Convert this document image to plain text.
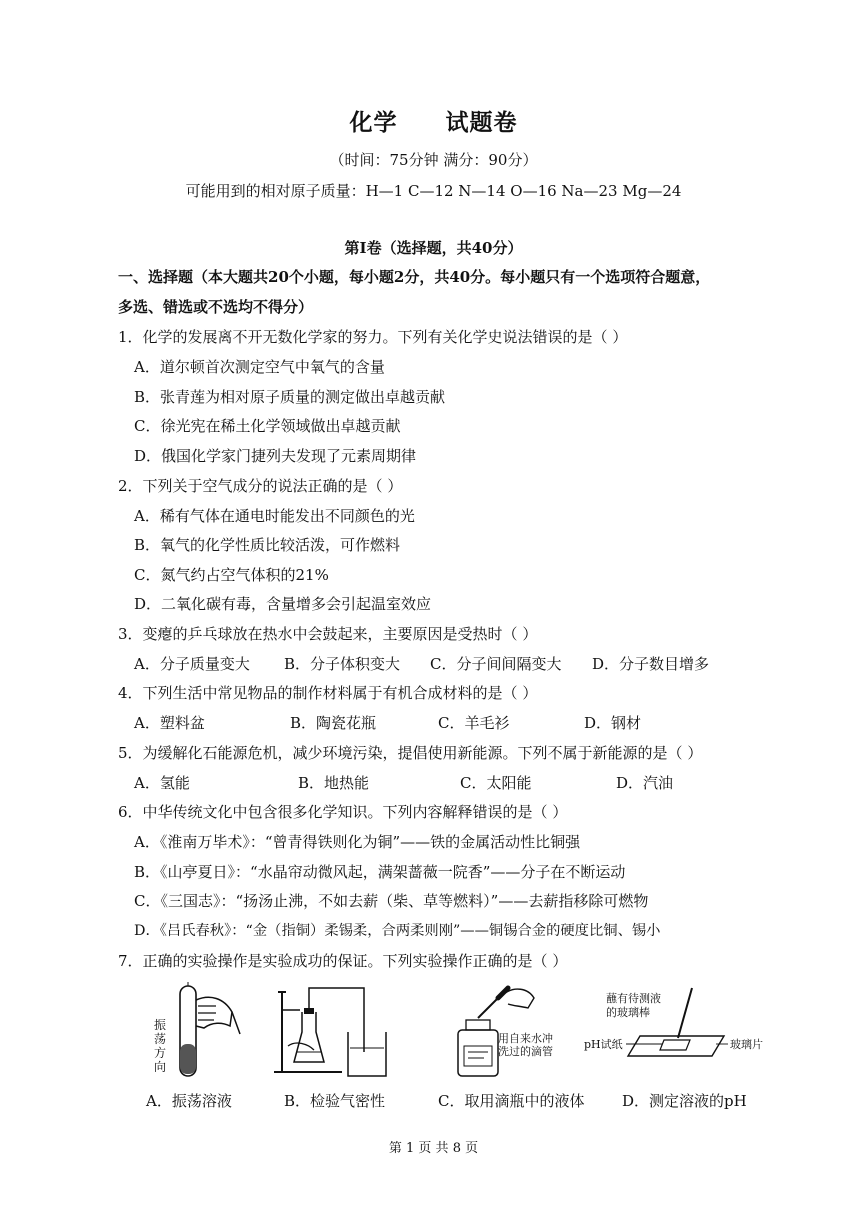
化学 试题卷
（时间：75分钟 满分：90分）
可能用到的相对原子质量：H—1 C—12 N—14 O—16 Na—23 Mg—24
第Ⅰ卷（选择题，共40分）
一、选择题（本大题共20个小题，每小题2分，共40分。每小题只有一个选项符合题意，
多选、错选或不选均不得分）
1．化学的发展离不开无数化学家的努力。下列有关化学史说法错误的是（ ）
A．道尔顿首次测定空气中氧气的含量
B．张青莲为相对原子质量的测定做出卓越贡献
C．徐光宪在稀土化学领域做出卓越贡献
D．俄国化学家门捷列夫发现了元素周期律
2．下列关于空气成分的说法正确的是（ ）
A．稀有气体在通电时能发出不同颜色的光
B．氧气的化学性质比较活泼，可作燃料
C．氮气约占空气体积的21%
D．二氧化碳有毒，含量增多会引起温室效应
3．变瘪的乒乓球放在热水中会鼓起来，主要原因是受热时（ ）
A．分子质量变大 B．分子体积变大 C．分子间间隔变大 D．分子数目增多
4．下列生活中常见物品的制作材料属于有机合成材料的是（ ）
A．塑料盆	B．陶瓷花瓶	C．羊毛衫	D．钢材
5．为缓解化石能源危机，减少环境污染，提倡使用新能源。下列不属于新能源的是（ ）
A．氢能	B．地热能	C．太阳能	D．汽油
6．中华传统文化中包含很多化学知识。下列内容解释错误的是（ ）
A．《淮南万毕术》：“曾青得铁则化为铜”——铁的金属活动性比铜强
B．《山亭夏日》：“水晶帘动微风起，满架蔷薇一院香”——分子在不断运动
C．《三国志》：“扬汤止沸，不如去薪（柴、草等燃料）”——去薪指移除可燃物
D．《吕氏春秋》：“金（指铜）柔锡柔，合两柔则刚”——铜锡合金的硬度比铜、锡小
7．正确的实验操作是实验成功的保证。下列实验操作正确的是（ ）
振荡方向
用自来水冲
洗过的滴管
蘸有待测液
的玻璃棒
pH试纸	玻璃片
A．振荡溶液	B．检验气密性	C．取用滴瓶中的液体	D．测定溶液的pH
第 1 页 共 8 页
